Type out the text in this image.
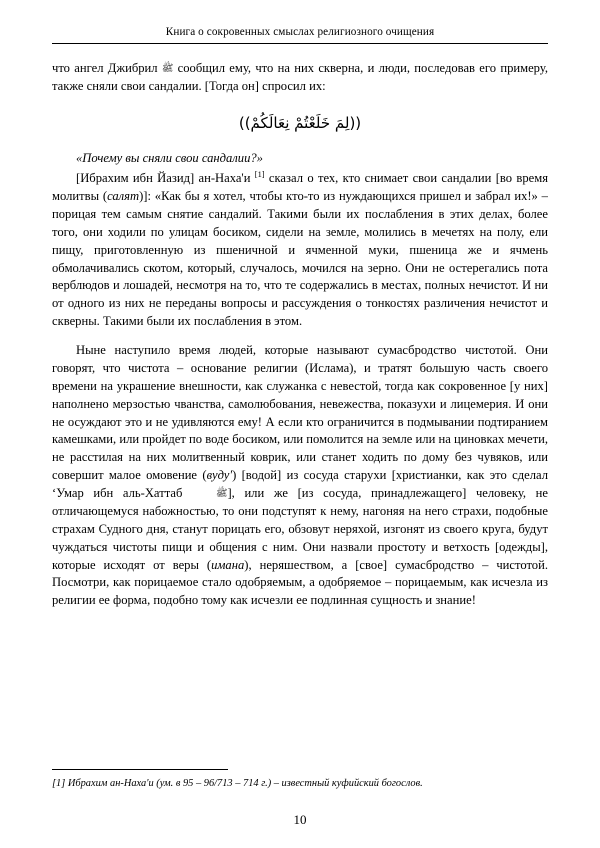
Книга о сокровенных смыслах религиозного очищения

что ангел Джибрил ﷺ сообщил ему, что на них скверна, и люди, последовав его примеру, также сняли свои сандалии. [Тогда он] спросил их:

((لِمَ خَلَعْتُمْ نِعَالَكُمْ))

«Почему вы сняли свои сандалии?»

[Ибрахим ибн Йазид] ан-Наха'и [1] сказал о тех, кто снимает свои сандалии [во время молитвы (салят)]: «Как бы я хотел, чтобы кто-то из нуждающихся пришел и забрал их!» – порицая тем самым снятие сандалий. Такими были их послабления в этих делах, более того, они ходили по улицам босиком, сидели на земле, молились в мечетях на полу, ели пищу, приготовленную из пшеничной и ячменной муки, пшеница же и ячмень обмолачивались скотом, который, случалось, мочился на зерно. Они не остерегались пота верблюдов и лошадей, несмотря на то, что те содержались в местах, полных нечистот. И ни от одного из них не переданы вопросы и рассуждения о тонкостях различения нечистот и скверны. Такими были их послабления в этом.

Ныне наступило время людей, которые называют сумасбродство чистотой. Они говорят, что чистота – основание религии (Ислама), и тратят большую часть своего времени на украшение внешности, как служанка с невестой, тогда как сокровенное [у них] наполнено мерзостью чванства, самолюбования, невежества, показухи и лицемерия. И они не осуждают это и не удивляются ему! А если кто ограничится в подмывании подтиранием камешками, или пройдет по воде босиком, или помолится на земле или на циновках мечети, не расстилая на них молитвенный коврик, или станет ходить по дому без чувяков, или совершит малое омовение (вуду') [водой] из сосуда старухи [христианки, как это сделал ʻУмар ибн аль-Хаттаб	ﷺ], или же [из сосуда, принадлежащего] человеку, не отличающемуся набожностью, то они подступят к нему, нагоняя на него страхи, подобные страхам Судного дня, станут порицать его, обзовут неряхой, изгонят из своего круга, будут чуждаться﻿ чистоты пищи и общения с ним. Они назвали простоту и ветхость [одежды], которые исходят от веры (имана), неряшеством, а [свое] сумасбродство – чистотой. Посмотри, как порицаемое стало одобряемым, а одобряемое – порицаемым, как исчезла из религии ее форма, подобно тому как исчезли ее подлинная сущность и знание!

[1] Ибрахим ан-Наха'и (ум. в 95 – 96/713 – 714 г.) – известный куфийский богослов.
10
